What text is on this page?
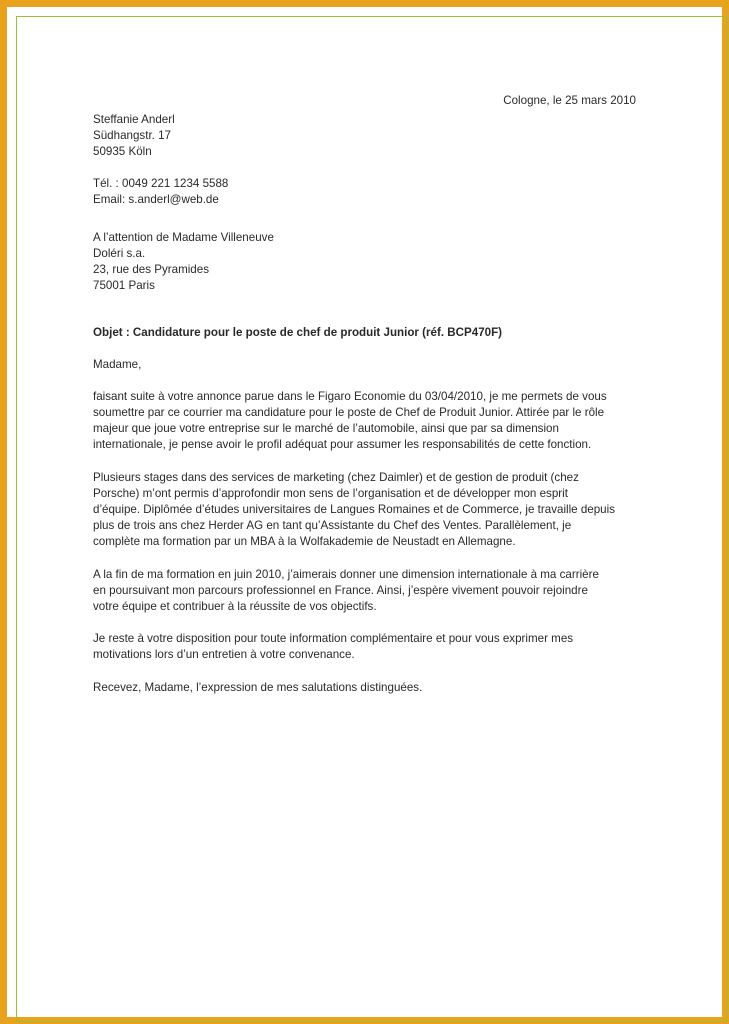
Cologne, le 25 mars 2010
Steffanie Anderl
Südhangstr. 17
50935 Köln
Tél. : 0049 221 1234 5588
Email: s.anderl@web.de
A l’attention de Madame Villeneuve
Doléri s.a.
23, rue des Pyramides
75001 Paris
Objet : Candidature pour le poste de chef de produit Junior (réf. BCP470F)
Madame,
faisant suite à votre annonce parue dans le Figaro Economie du 03/04/2010, je me permets de vous
soumettre par ce courrier ma candidature pour le poste de Chef de Produit Junior. Attirée par le rôle
majeur que joue votre entreprise sur le marché de l’automobile, ainsi que par sa dimension
internationale, je pense avoir le profil adéquat pour assumer les responsabilités de cette fonction.
Plusieurs stages dans des services de marketing (chez Daimler) et de gestion de produit (chez
Porsche) m’ont permis d’approfondir mon sens de l’organisation et de développer mon esprit
d’équipe. Diplômée d’études universitaires de Langues Romaines et de Commerce, je travaille depuis
plus de trois ans chez Herder AG en tant qu’Assistante du Chef des Ventes. Parallèlement, je
complète ma formation par un MBA à la Wolfakademie de Neustadt en Allemagne.
A la fin de ma formation en juin 2010, j’aimerais donner une dimension internationale à ma carrière
en poursuivant mon parcours professionnel en France. Ainsi, j’espère vivement pouvoir rejoindre
votre équipe et contribuer à la réussite de vos objectifs.
Je reste à votre disposition pour toute information complémentaire et pour vous exprimer mes
motivations lors d’un entretien à votre convenance.
Recevez, Madame, l’expression de mes salutations distinguées.
